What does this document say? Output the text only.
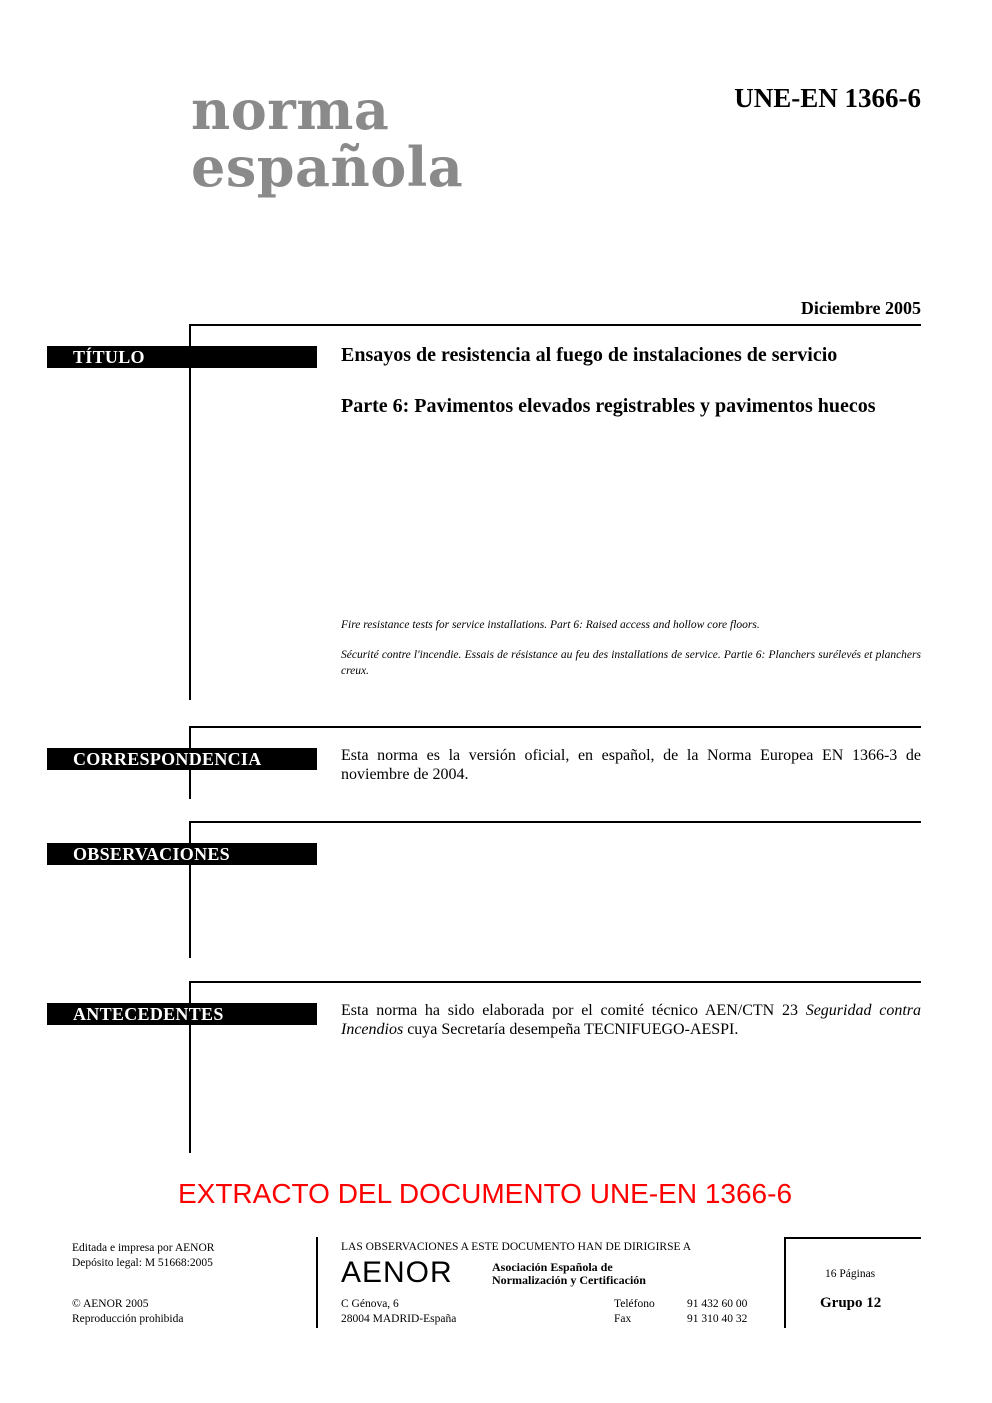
norma
española
UNE-EN 1366-6
Diciembre 2005
TÍTULO	Ensayos de resistencia al fuego de instalaciones de servicio
Parte 6: Pavimentos elevados registrables y pavimentos huecos
Fire resistance tests for service installations. Part 6: Raised access and hollow core floors.
Sécurité contre l'incendie. Essais de résistance au feu des installations de service. Partie 6: Planchers surélevés et planchers creux.
CORRESPONDENCIA	Esta norma es la versión oficial, en español, de la Norma Europea EN 1366-3 de noviembre de 2004.
OBSERVACIONES
ANTECEDENTES	Esta norma ha sido elaborada por el comité técnico AEN/CTN 23 Seguridad contra Incendios cuya Secretaría desempeña TECNIFUEGO-AESPI.
EXTRACTO DEL DOCUMENTO UNE-EN 1366-6
Editada e impresa por AENOR
Depósito legal: M 51668:2005
© AENOR 2005
Reproducción prohibida
LAS OBSERVACIONES A ESTE DOCUMENTO HAN DE DIRIGIRSE A
AENOR	Asociación Española de
Normalización y Certificación
C Génova, 6
28004 MADRID-España
Teléfono	91 432 60 00
Fax	91 310 40 32
16 Páginas
Grupo 12
